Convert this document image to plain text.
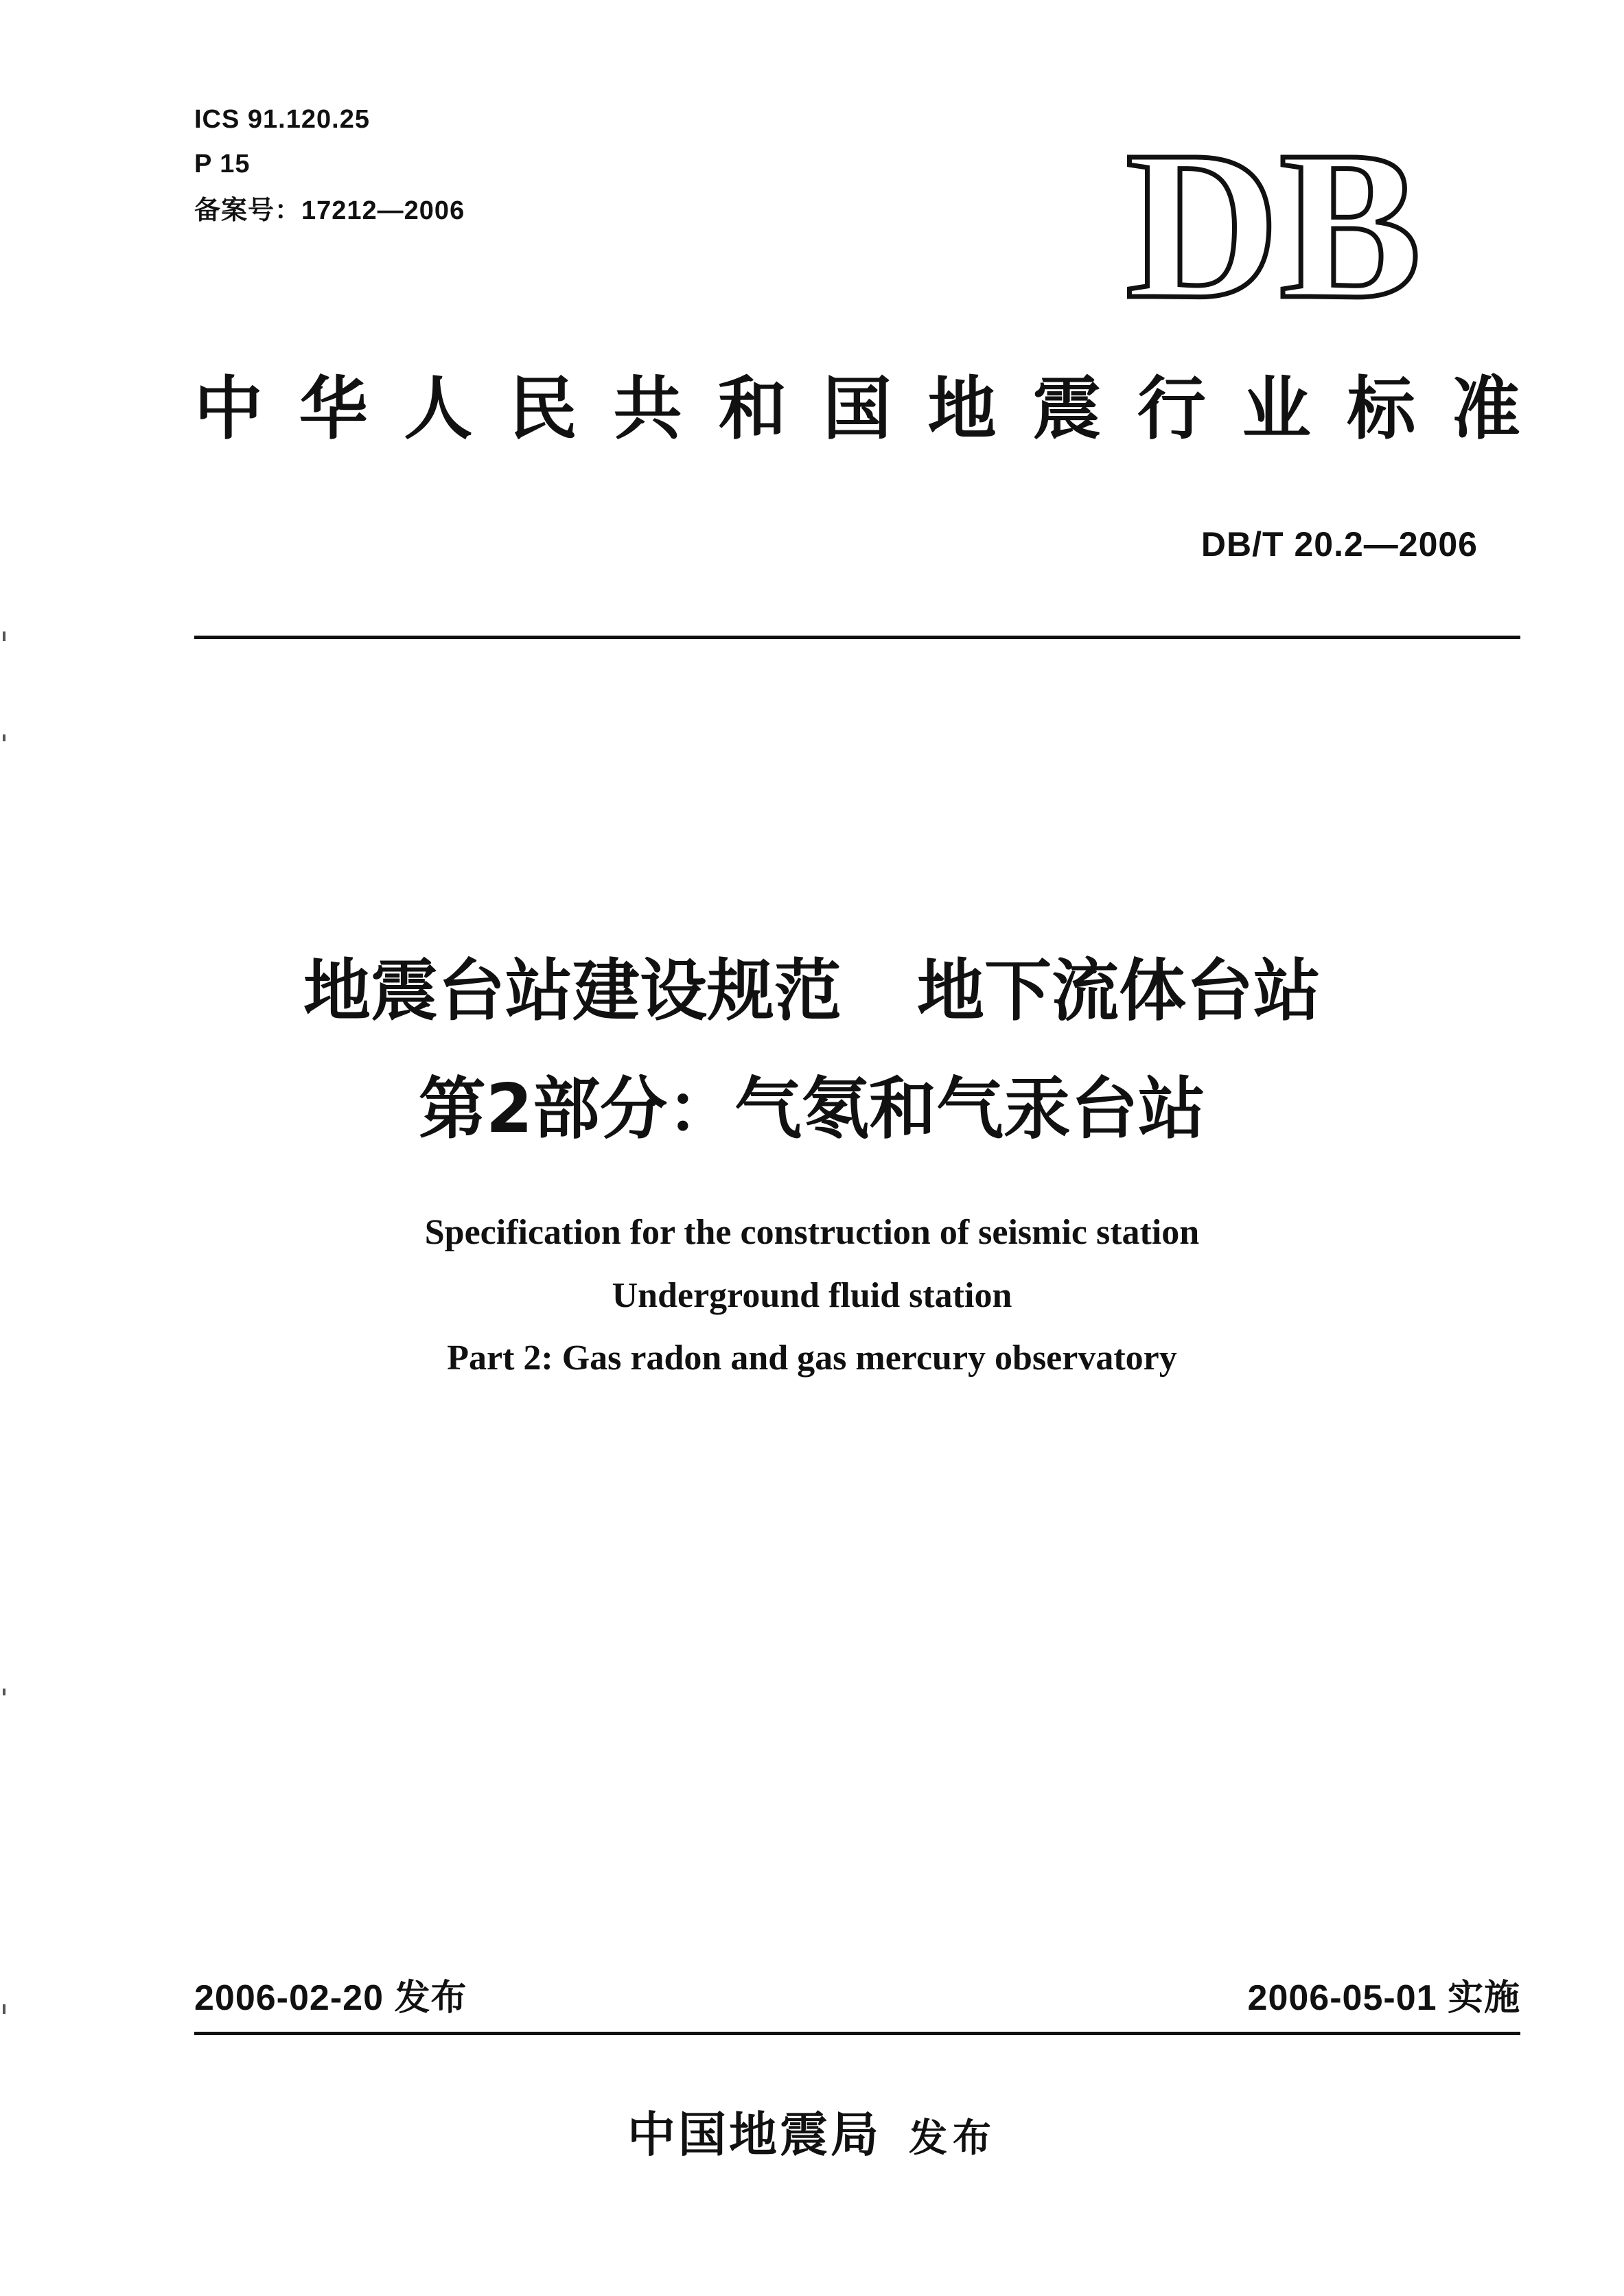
ICS 91.120.25
P 15
备案号：17212—2006	DB
中 华 人 民 共 和 国 地 震 行 业 标 准
DB/T 20.2—2006
地震台站建设规范 地下流体台站
第2部分：气氡和气汞台站
Specification for the construction of seismic station
Underground fluid station
Part 2: Gas radon and gas mercury observatory
2006-02-20 发布	2006-05-01 实施
中国地震局 发布
